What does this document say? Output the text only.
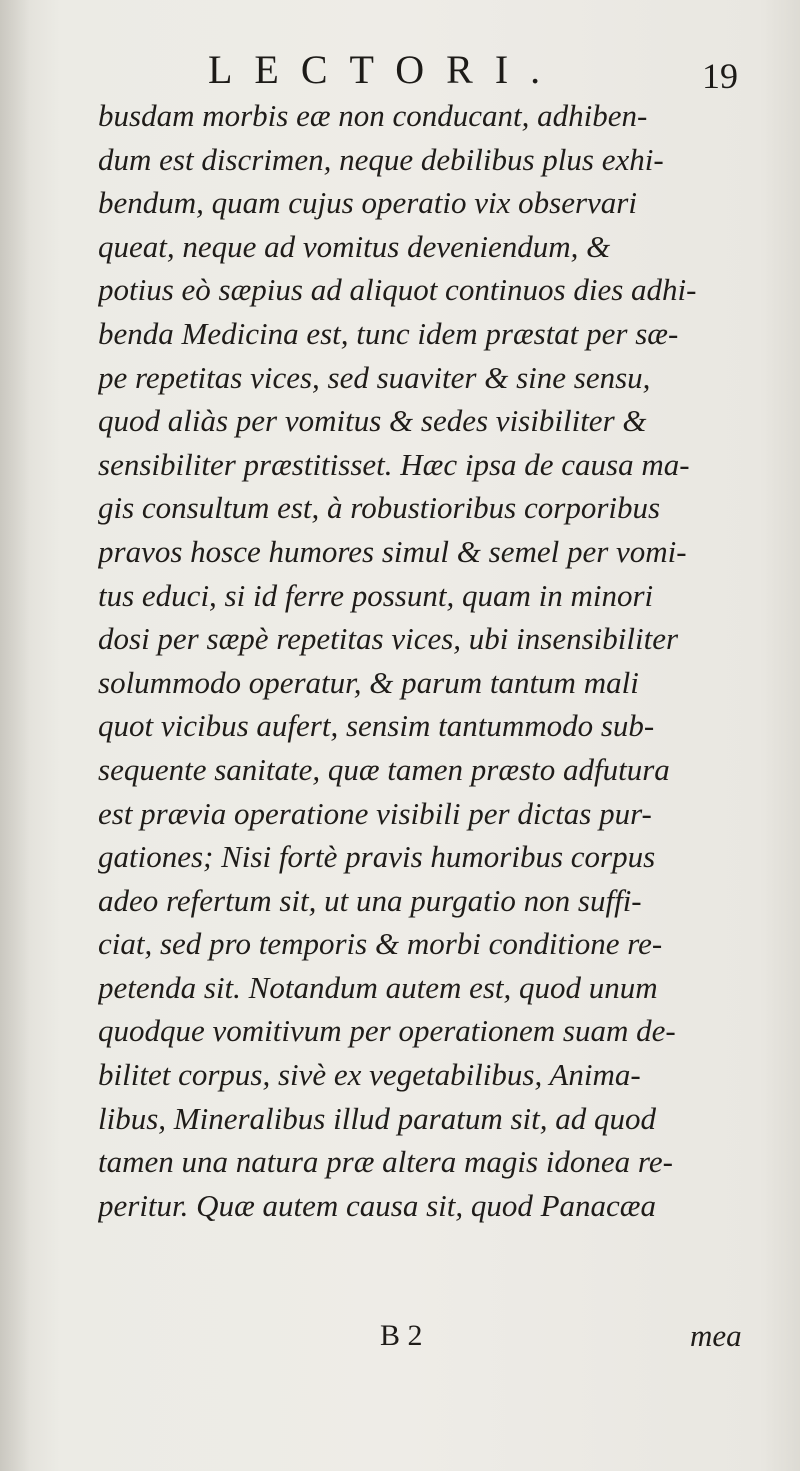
LECTORI.	19
busdam morbis eæ non conducant, adhiben-
dum est discrimen, neque debilibus plus exhi-
bendum, quam cujus operatio vix observari
queat, neque ad vomitus deveniendum, &
potius eò sæpius ad aliquot continuos dies adhi-
benda Medicina est, tunc idem præstat per sæ-
pe repetitas vices, sed suaviter & sine sensu,
quod aliàs per vomitus & sedes visibiliter &
sensibiliter præstitisset. Hæc ipsa de causa ma-
gis consultum est, à robustioribus corporibus
pravos hosce humores simul & semel per vomi-
tus educi, si id ferre possunt, quam in minori
dosi per sæpè repetitas vices, ubi insensibiliter
solummodo operatur, & parum tantum mali
quot vicibus aufert, sensim tantummodo sub-
sequente sanitate, quæ tamen præsto adfutura
est prævia operatione visibili per dictas pur-
gationes; Nisi fortè pravis humoribus corpus
adeo refertum sit, ut una purgatio non suffi-
ciat, sed pro temporis & morbi conditione re-
petenda sit. Notandum autem est, quod unum
quodque vomitivum per operationem suam de-
bilitet corpus, sivè ex vegetabilibus, Anima-
libus, Mineralibus illud paratum sit, ad quod
tamen una natura præ altera magis idonea re-
peritur. Quæ autem causa sit, quod Panacæa
B 2	mea
